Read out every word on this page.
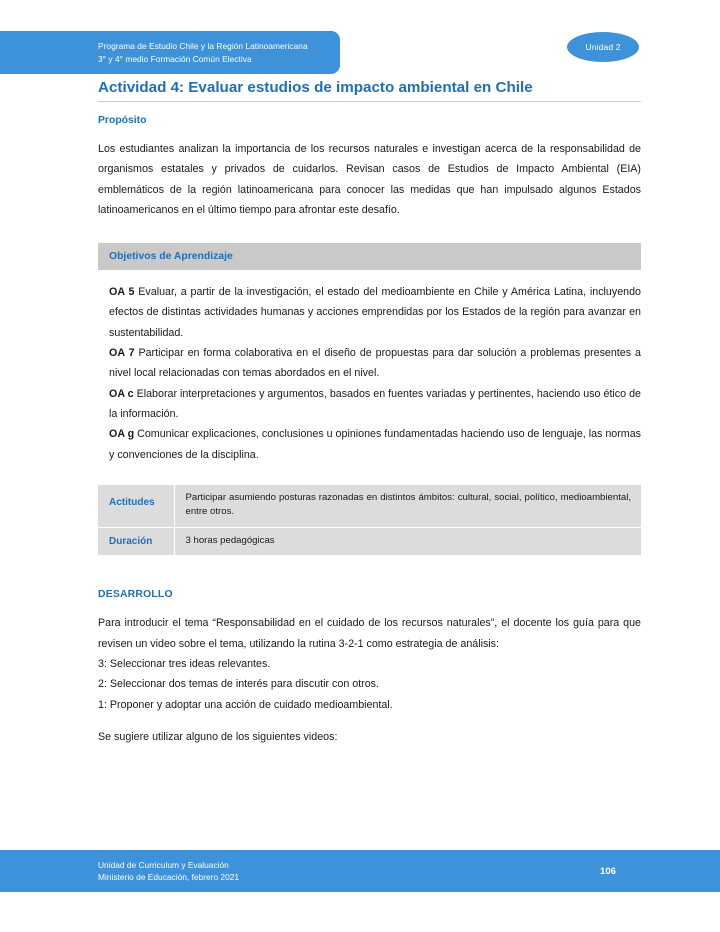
Programa de Estudio Chile y la Región Latinoamericana
3° y 4° medio Formación Común Electiva
Unidad 2
Actividad 4: Evaluar estudios de impacto ambiental en Chile
Propósito

Los estudiantes analizan la importancia de los recursos naturales e investigan acerca de la responsabilidad de organismos estatales y privados de cuidarlos. Revisan casos de Estudios de Impacto Ambiental (EIA) emblemáticos de la región latinoamericana para conocer las medidas que han impulsado algunos Estados latinoamericanos en el último tiempo para afrontar este desafío.

Objetivos de Aprendizaje
OA 5 Evaluar, a partir de la investigación, el estado del medioambiente en Chile y América Latina, incluyendo efectos de distintas actividades humanas y acciones emprendidas por los Estados de la región para avanzar en sustentabilidad.
OA 7 Participar en forma colaborativa en el diseño de propuestas para dar solución a problemas presentes a nivel local relacionadas con temas abordados en el nivel.
OA c Elaborar interpretaciones y argumentos, basados en fuentes variadas y pertinentes, haciendo uso ético de la información.
OA g Comunicar explicaciones, conclusiones u opiniones fundamentadas haciendo uso de lenguaje, las normas y convenciones de la disciplina.
Actitudes	Participar asumiendo posturas razonadas en distintos ámbitos: cultural, social, político, medioambiental, entre otros.
Duración	3 horas pedagógicas
DESARROLLO

Para introducir el tema “Responsabilidad en el cuidado de los recursos naturales”, el docente los guía para que revisen un video sobre el tema, utilizando la rutina 3-2-1 como estrategia de análisis:

3: Seleccionar tres ideas relevantes.
2: Seleccionar dos temas de interés para discutir con otros.
1: Proponer y adoptar una acción de cuidado medioambiental.
Se sugiere utilizar alguno de los siguientes videos:
Unidad de Curriculum y Evaluación
Ministerio de Educación, febrero 2021
106
